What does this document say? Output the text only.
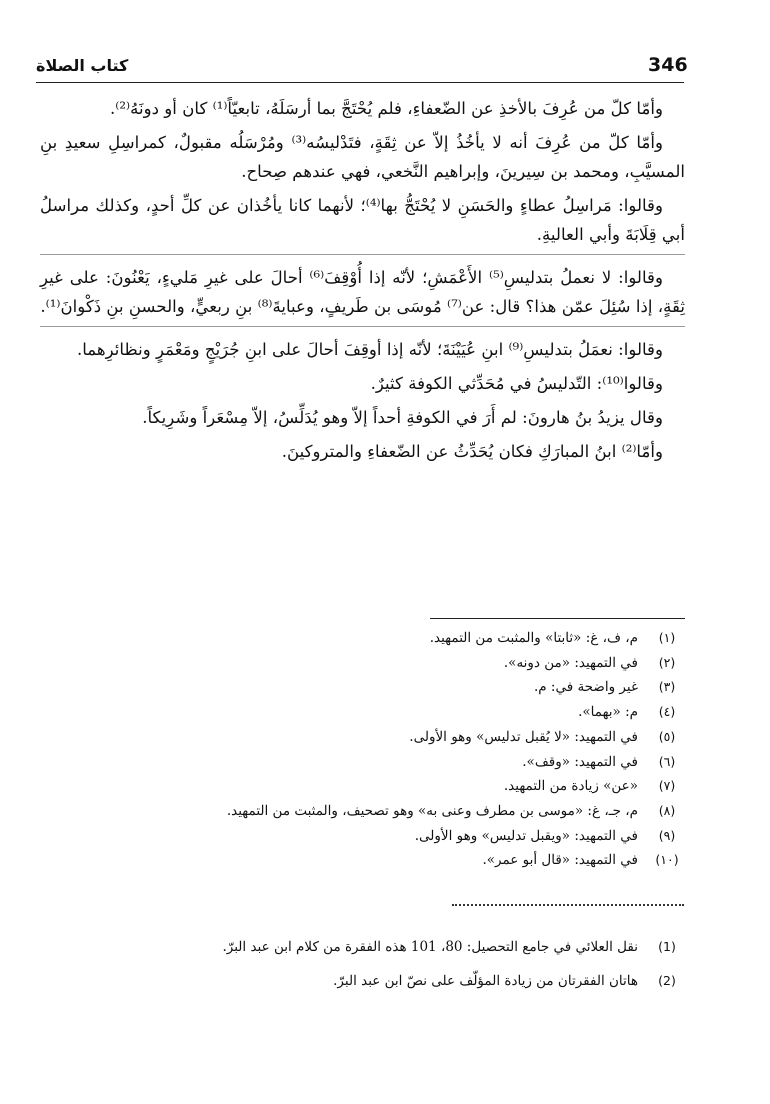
346
كتاب الصلاة

وأمّا كلّ من عُرِفَ بالأخذِ عن الضّعفاءِ، فلم يُحْتَجَّ بما أرسَلَهُ، تابعيّاً⁽¹⁾ كان أو دونَهُ⁽²⁾.

وأمّا كلّ من عُرِفَ أنه لا يأخُذُ إلاّ عن ثِقَةٍ، فتَدْليسُه⁽³⁾ ومُرْسَلُه مقبولٌ، كمراسِلِ سعيدِ بنِ المسيَّبِ، ومحمد بن سِيرينَ، وإبراهيم النَّخعي، فهي عندهم صِحاح.

وقالوا: مَراسِلُ عطاءٍ والحَسَنِ لا يُحْتَجُّ بها⁽⁴⁾؛ لأنهما كانا يأخُذان عن كلِّ أحدٍ، وكذلك مراسلُ أبي قِلَابَةَ وأبي العاليةِ.

وقالوا: لا نعملُ بتدليسِ⁽⁵⁾ الأَعْمَشِ؛ لأنّه إذا أُوْقِفَ⁽⁶⁾ أحالَ على غيرِ مَليءٍ، يَعْنُونَ: على غيرِ ثِقَةٍ، إذا سُئِلَ عمّن هذا؟ قال: عن⁽⁷⁾ مُوسَى بن طَريفٍ، وعبايةَ⁽⁸⁾ بنِ ربعيٍّ، والحسنِ بنِ ذَكْوانَ⁽¹⁾.

وقالوا: نعمَلُ بتدليسِ⁽⁹⁾ ابنِ عُيَيْنَةَ؛ لأنّه إذا أوقِفَ أحالَ على ابنِ جُرَيْجٍ ومَعْمَرٍ ونظائرِهما.

وقالوا⁽¹⁰⁾: التّدليسُ في مُحَدِّثي الكوفة كثيرٌ.

وقال يزيدُ بنُ هارونَ: لم أَرَ في الكوفةِ أحداً إلاّ وهو يُدَلِّسُ، إلاّ مِسْعَراً وشَرِيكاً.

وأمّا⁽²⁾ ابنُ المبارَكِ فكان يُحَدِّثُ عن الضّعفاءِ والمتروكينَ.

(١)
م، ف، غ: «ثابتا» والمثبت من التمهيد.
(٢)
في التمهيد: «من دونه».
(٣)
غير واضحة في: م.
(٤)
م: «بهما».
(٥)
في التمهيد: «لا يُقبل تدليس» وهو الأولى.
(٦)
في التمهيد: «وقف».
(٧)
«عن» زيادة من التمهيد.
(٨)
م، جـ، غ: «موسى بن مطرف وعنى به» وهو تصحيف، والمثبت من التمهيد.
(٩)
في التمهيد: «ويقبل تدليس» وهو الأولى.
(١٠)
في التمهيد: «قال أبو عمر».
(1)
نقل العلائي في جامع التحصيل: 80، 101 هذه الفقرة من كلام ابن عبد البرّ.
(2)
هاتان الفقرتان من زيادة المؤلّف على نصّ ابن عبد البرّ.
